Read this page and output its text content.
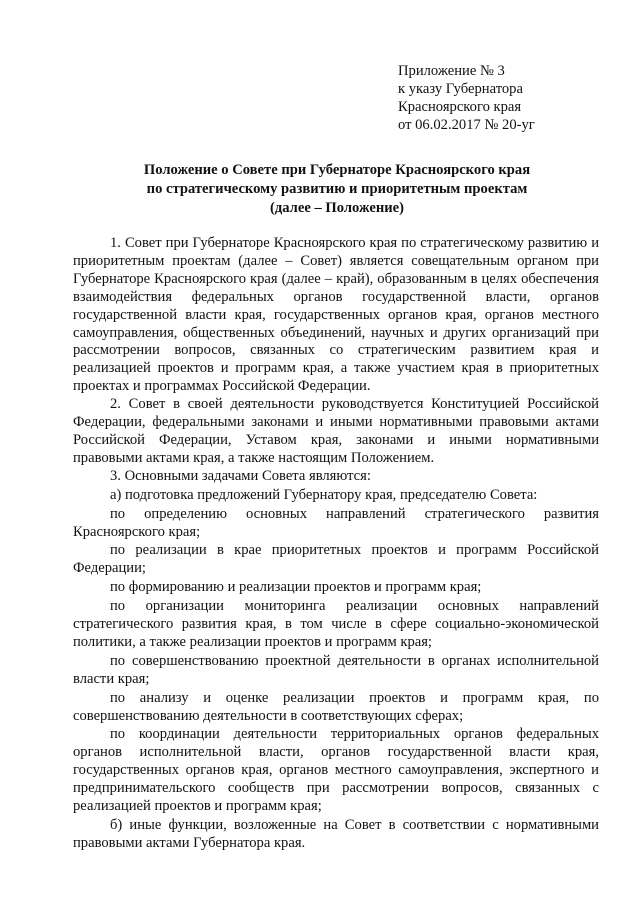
Приложение № 3
к указу Губернатора
Красноярского края
от 06.02.2017 № 20-уг
Положение о Совете при Губернаторе Красноярского края
по стратегическому развитию и приоритетным проектам
(далее – Положение)

1. Совет при Губернаторе Красноярского края по стратегическому развитию и приоритетным проектам (далее – Совет) является совещательным органом при Губернаторе Красноярского края (далее – край), образованным в целях обеспечения взаимодействия федеральных органов государственной власти, органов государственной власти края, государственных органов края, органов местного самоуправления, общественных объединений, научных и других организаций при рассмотрении вопросов, связанных со стратегическим развитием края и реализацией проектов и программ края, а также участием края в приоритетных проектах и программах Российской Федерации.

2. Совет в своей деятельности руководствуется Конституцией Российской Федерации, федеральными законами и иными нормативными правовыми актами Российской Федерации, Уставом края, законами и иными нормативными правовыми актами края, а также настоящим Положением.

3. Основными задачами Совета являются:

а) подготовка предложений Губернатору края, председателю Совета:

по определению основных направлений стратегического развития Красноярского края;

по реализации в крае приоритетных проектов и программ Российской Федерации;

по формированию и реализации проектов и программ края;

по организации мониторинга реализации основных направлений стратегического развития края, в том числе в сфере социально-экономической политики, а также реализации проектов и программ края;

по совершенствованию проектной деятельности в органах исполнительной власти края;

по анализу и оценке реализации проектов и программ края, по совершенствованию деятельности в соответствующих сферах;

по координации деятельности территориальных органов федеральных органов исполнительной власти, органов государственной власти края, государственных органов края, органов местного самоуправления, экспертного и предпринимательского сообществ при рассмотрении вопросов, связанных с реализацией проектов и программ края;

б) иные функции, возложенные на Совет в соответствии с нормативными правовыми актами Губернатора края.
